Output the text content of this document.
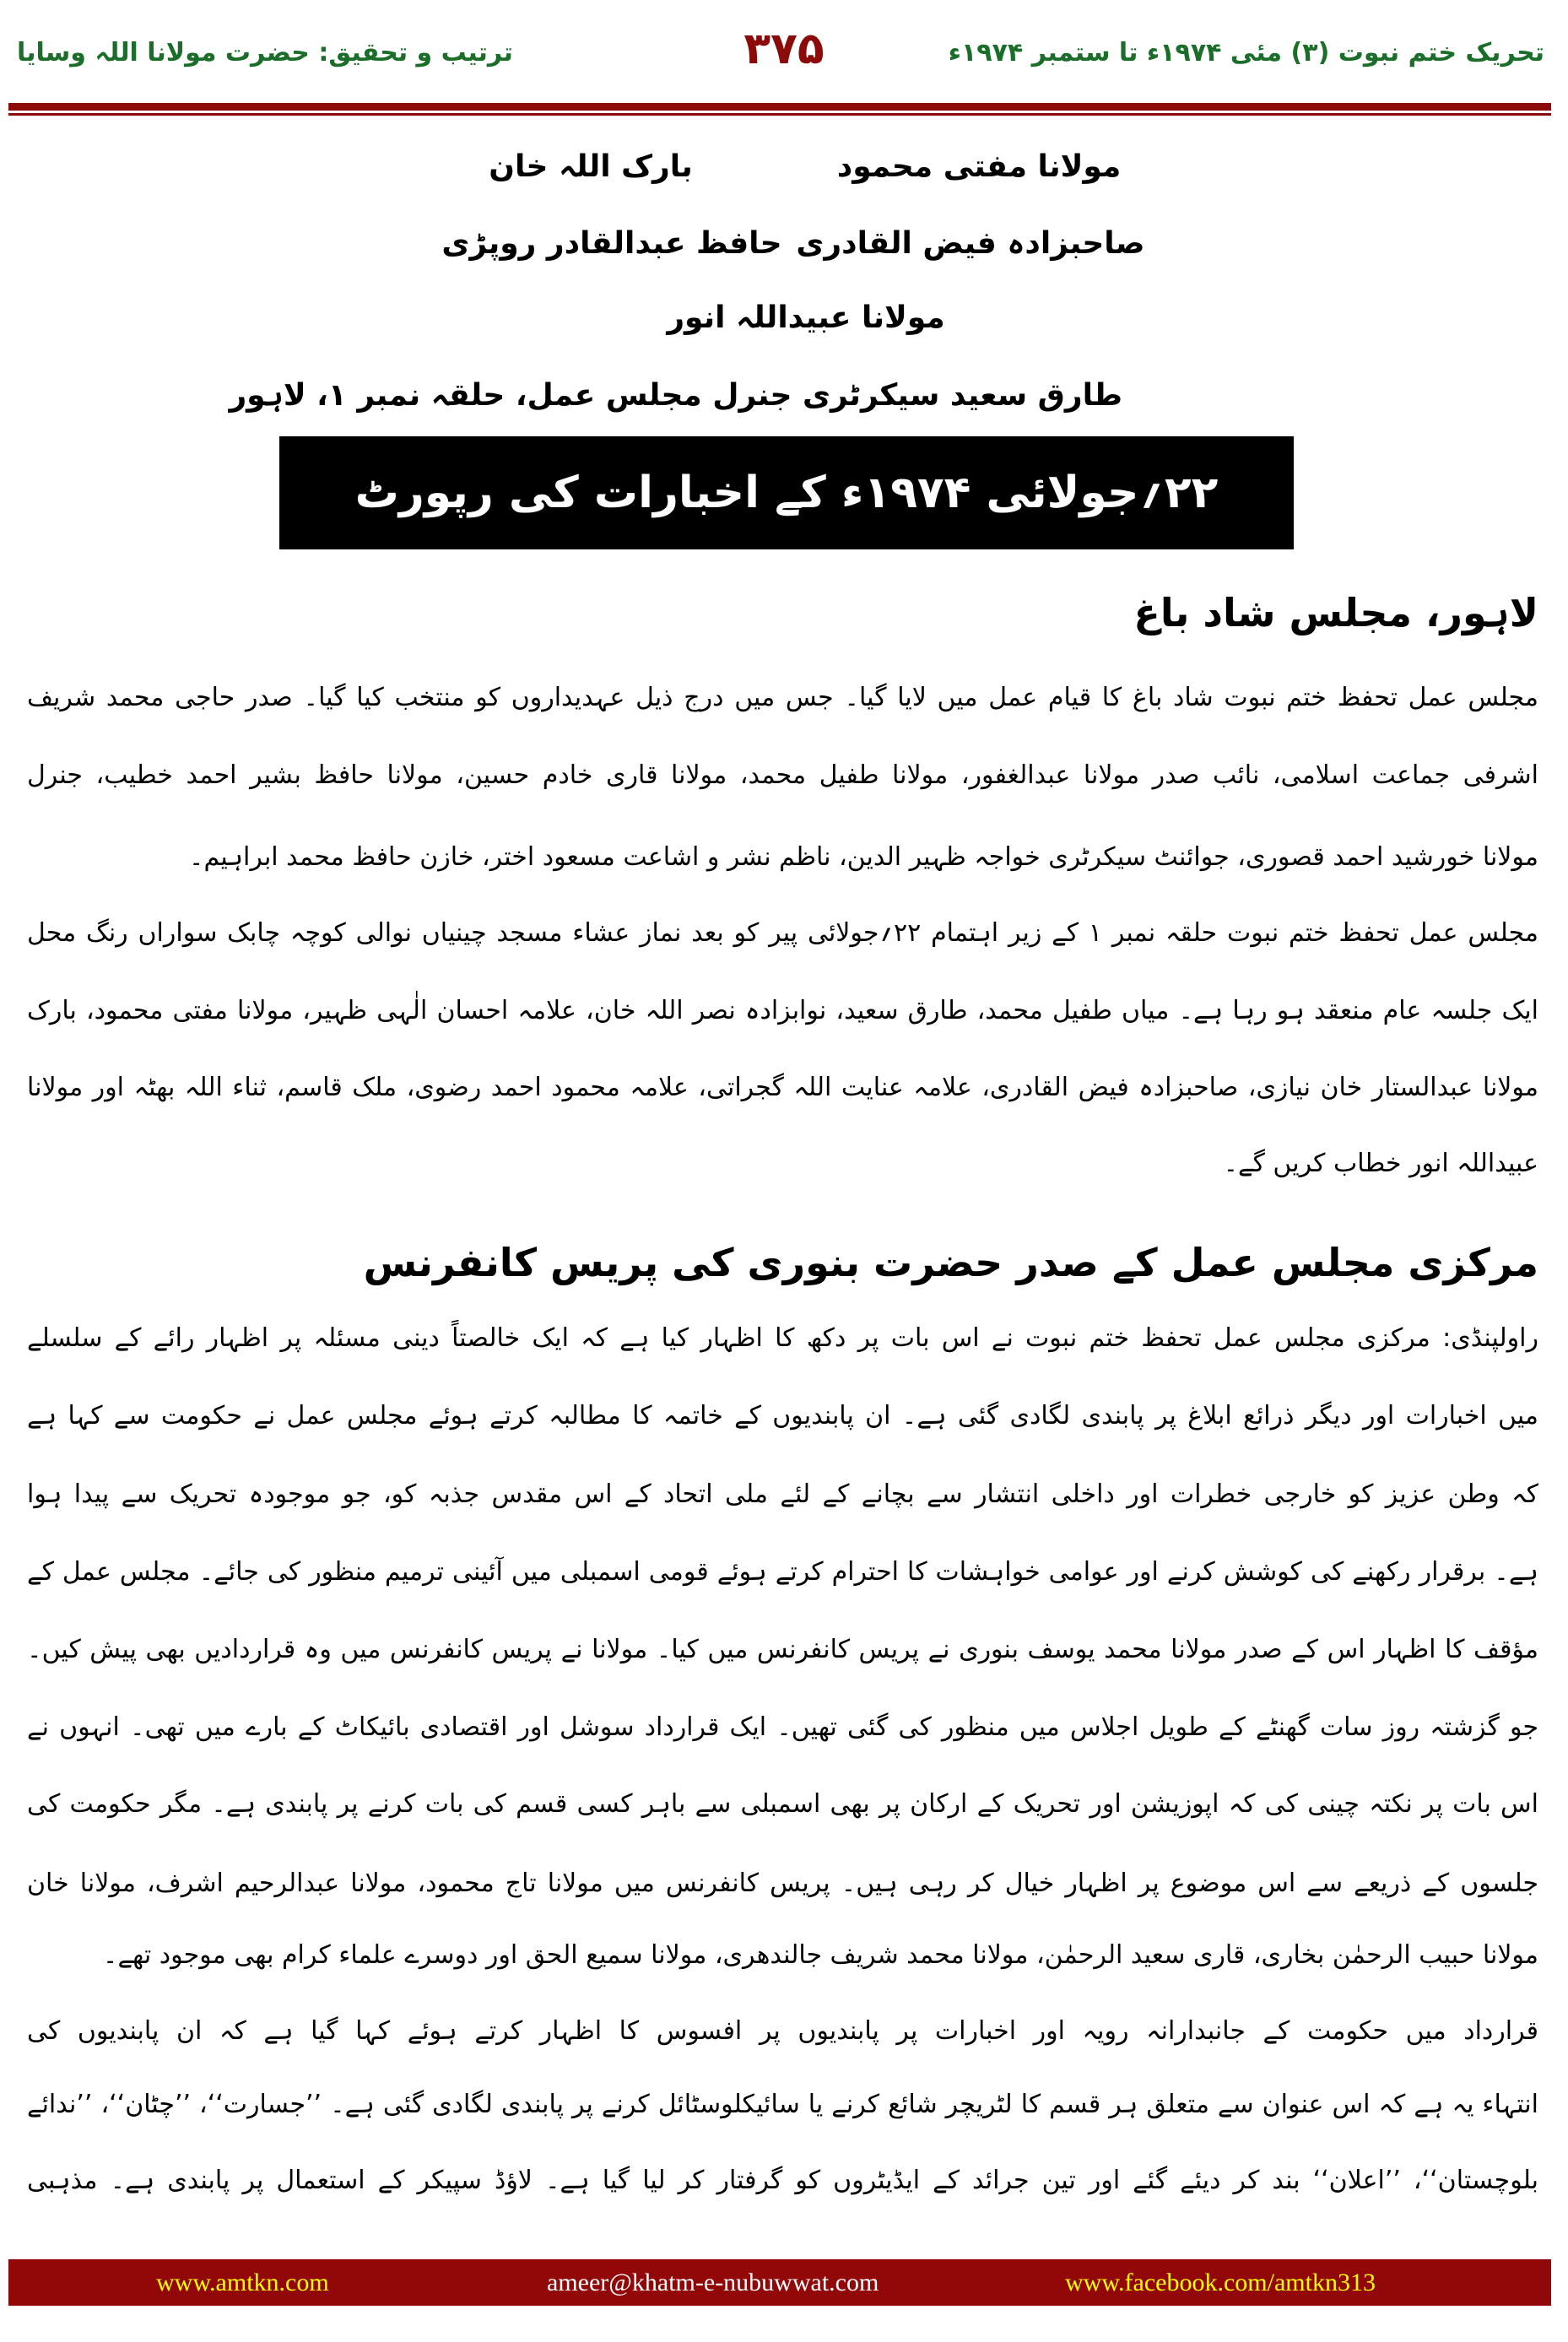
تحریک ختم نبوت (۳) مئی ۱۹۷۴ء تا ستمبر ۱۹۷۴ء
۳۷۵
ترتیب و تحقیق: حضرت مولانا اللہ وسایا
مولانا مفتی محمود
بارک اللہ خان
صاحبزادہ فیض القادری
حافظ عبدالقادر روپڑی
مولانا عبیداللہ انور
طارق سعید سیکرٹری جنرل مجلس عمل، حلقہ نمبر ۱، لاہور
۲۲؍جولائی ۱۹۷۴ء کے اخبارات کی رپورٹ
لاہور، مجلس شاد باغ
مجلس عمل تحفظ ختم نبوت شاد باغ کا قیام عمل میں لایا گیا۔ جس میں درج ذیل عہدیداروں کو منتخب کیا گیا۔ صدر حاجی محمد شریف
اشرفی جماعت اسلامی، نائب صدر مولانا عبدالغفور، مولانا طفیل محمد، مولانا قاری خادم حسین، مولانا حافظ بشیر احمد خطیب، جنرل
مولانا خورشید احمد قصوری، جوائنٹ سیکرٹری خواجہ ظہیر الدین، ناظم نشر و اشاعت مسعود اختر، خازن حافظ محمد ابراہیم۔
مجلس عمل تحفظ ختم نبوت حلقہ نمبر ۱ کے زیر اہتمام ۲۲؍جولائی پیر کو بعد نماز عشاء مسجد چینیاں نوالی کوچہ چابک سواراں رنگ محل
ایک جلسہ عام منعقد ہو رہا ہے۔ میاں طفیل محمد، طارق سعید، نوابزادہ نصر اللہ خان، علامہ احسان الٰہی ظہیر، مولانا مفتی محمود، بارک
مولانا عبدالستار خان نیازی، صاحبزادہ فیض القادری، علامہ عنایت اللہ گجراتی، علامہ محمود احمد رضوی، ملک قاسم، ثناء اللہ بھٹہ اور مولانا
عبیداللہ انور خطاب کریں گے۔
مرکزی مجلس عمل کے صدر حضرت بنوری کی پریس کانفرنس
راولپنڈی: مرکزی مجلس عمل تحفظ ختم نبوت نے اس بات پر دکھ کا اظہار کیا ہے کہ ایک خالصتاً دینی مسئلہ پر اظہار رائے کے سلسلے
میں اخبارات اور دیگر ذرائع ابلاغ پر پابندی لگادی گئی ہے۔ ان پابندیوں کے خاتمہ کا مطالبہ کرتے ہوئے مجلس عمل نے حکومت سے کہا ہے
کہ وطن عزیز کو خارجی خطرات اور داخلی انتشار سے بچانے کے لئے ملی اتحاد کے اس مقدس جذبہ کو، جو موجودہ تحریک سے پیدا ہوا
ہے۔ برقرار رکھنے کی کوشش کرنے اور عوامی خواہشات کا احترام کرتے ہوئے قومی اسمبلی میں آئینی ترمیم منظور کی جائے۔ مجلس عمل کے
مؤقف کا اظہار اس کے صدر مولانا محمد یوسف بنوری نے پریس کانفرنس میں کیا۔ مولانا نے پریس کانفرنس میں وہ قراردادیں بھی پیش کیں۔
جو گزشتہ روز سات گھنٹے کے طویل اجلاس میں منظور کی گئی تھیں۔ ایک قرارداد سوشل اور اقتصادی بائیکاٹ کے بارے میں تھی۔ انہوں نے
اس بات پر نکتہ چینی کی کہ اپوزیشن اور تحریک کے ارکان پر بھی اسمبلی سے باہر کسی قسم کی بات کرنے پر پابندی ہے۔ مگر حکومت کی
جلسوں کے ذریعے سے اس موضوع پر اظہار خیال کر رہی ہیں۔ پریس کانفرنس میں مولانا تاج محمود، مولانا عبدالرحیم اشرف، مولانا خان
مولانا حبیب الرحمٰن بخاری، قاری سعید الرحمٰن، مولانا محمد شریف جالندھری، مولانا سمیع الحق اور دوسرے علماء کرام بھی موجود تھے۔
قرارداد میں حکومت کے جانبدارانہ رویہ اور اخبارات پر پابندیوں پر افسوس کا اظہار کرتے ہوئے کہا گیا ہے کہ ان پابندیوں کی
انتہاء یہ ہے کہ اس عنوان سے متعلق ہر قسم کا لٹریچر شائع کرنے یا سائیکلوسٹائل کرنے پر پابندی لگادی گئی ہے۔ ’’جسارت‘‘، ’’چٹان‘‘، ’’ندائے
بلوچستان‘‘، ’’اعلان‘‘ بند کر دیئے گئے اور تین جرائد کے ایڈیٹروں کو گرفتار کر لیا گیا ہے۔ لاؤڈ سپیکر کے استعمال پر پابندی ہے۔ مذہبی
www.amtkn.com	ameer@khatm-e-nubuwwat.com	www.facebook.com/amtkn313
